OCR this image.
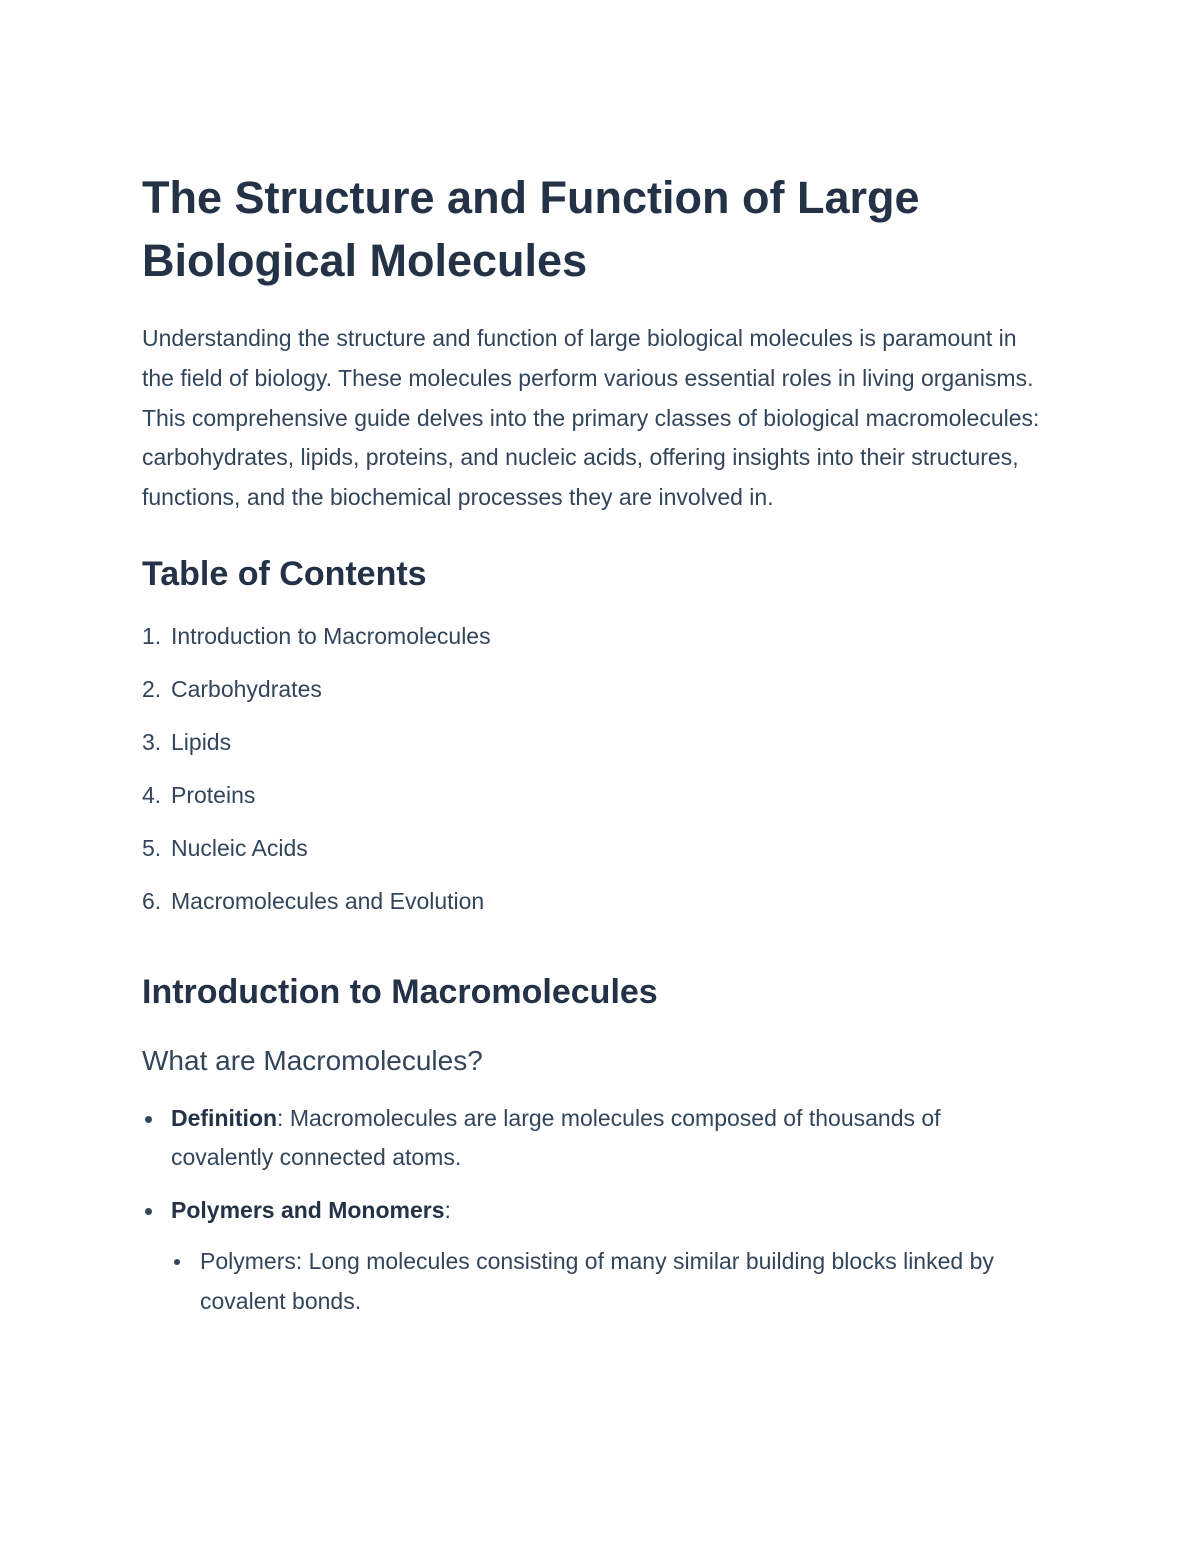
The Structure and Function of Large Biological Molecules

Understanding the structure and function of large biological molecules is paramount in the field of biology. These molecules perform various essential roles in living organisms. This comprehensive guide delves into the primary classes of biological macromolecules: carbohydrates, lipids, proteins, and nucleic acids, offering insights into their structures, functions, and the biochemical processes they are involved in.

Table of Contents
1. Introduction to Macromolecules
2. Carbohydrates
3. Lipids
4. Proteins
5. Nucleic Acids
6. Macromolecules and Evolution
Introduction to Macromolecules
What are Macromolecules?
Definition: Macromolecules are large molecules composed of thousands of covalently connected atoms.
Polymers and Monomers:
Polymers: Long molecules consisting of many similar building blocks linked by covalent bonds.
